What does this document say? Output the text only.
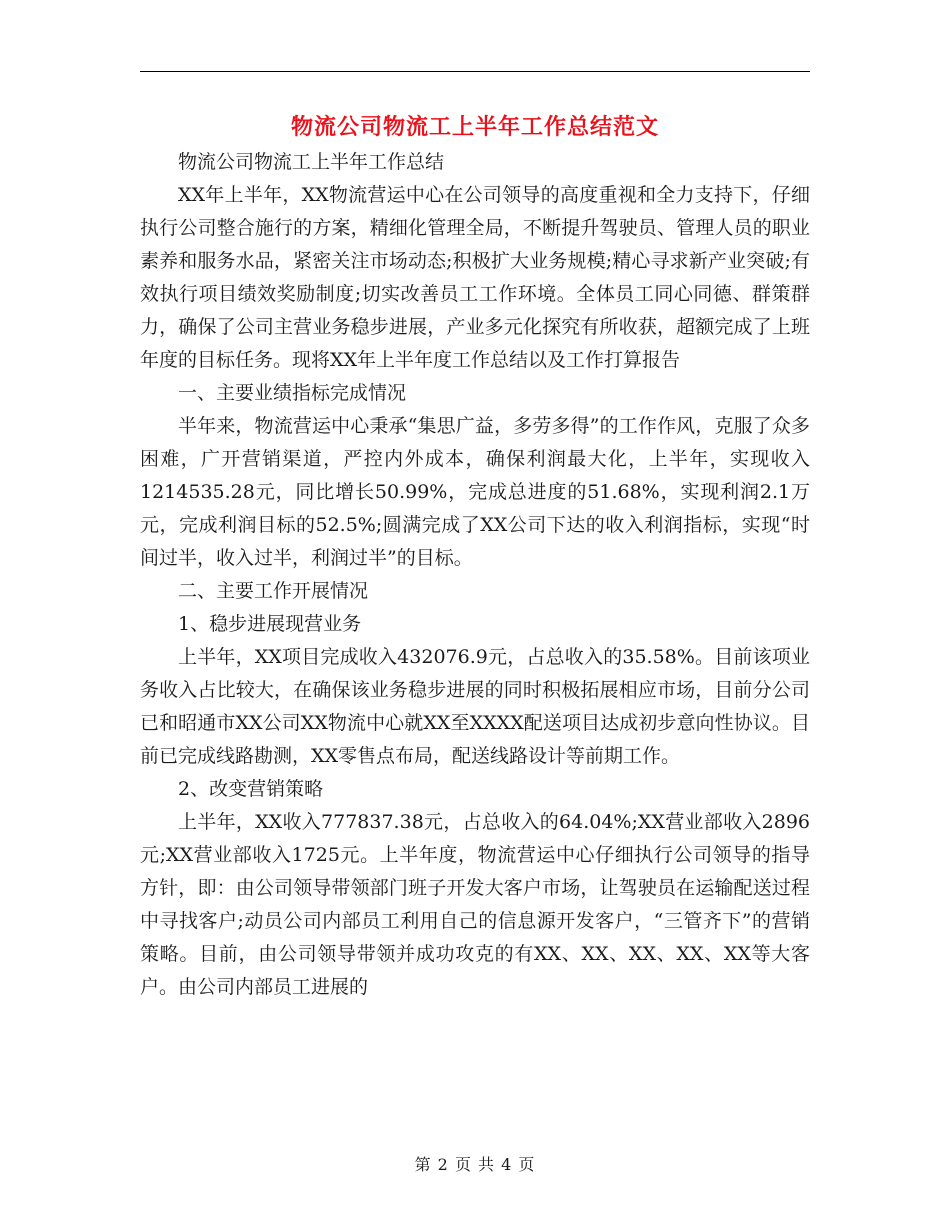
物流公司物流工上半年工作总结范文

物流公司物流工上半年工作总结

XX年上半年，XX物流营运中心在公司领导的高度重视和全力支持下，仔细执行公司整合施行的方案，精细化管理全局，不断提升驾驶员、管理人员的职业素养和服务水品，紧密关注市场动态;积极扩大业务规模;精心寻求新产业突破;有效执行项目绩效奖励制度;切实改善员工工作环境。全体员工同心同德、群策群力，确保了公司主营业务稳步进展，产业多元化探究有所收获，超额完成了上班年度的目标任务。现将XX年上半年度工作总结以及工作打算报告

一、主要业绩指标完成情况

半年来，物流营运中心秉承“集思广益，多劳多得”的工作作风，克服了众多困难，广开营销渠道，严控内外成本，确保利润最大化，上半年，实现收入1214535.28元，同比增长50.99%，完成总进度的51.68%，实现利润2.1万元，完成利润目标的52.5%;圆满完成了XX公司下达的收入利润指标，实现“时间过半，收入过半，利润过半”的目标。

二、主要工作开展情况

1、稳步进展现营业务

上半年，XX项目完成收入432076.9元，占总收入的35.58%。目前该项业务收入占比较大，在确保该业务稳步进展的同时积极拓展相应市场，目前分公司已和昭通市XX公司XX物流中心就XX至XXXX配送项目达成初步意向性协议。目前已完成线路勘测，XX零售点布局，配送线路设计等前期工作。

2、改变营销策略

上半年，XX收入777837.38元，占总收入的64.04%;XX营业部收入2896元;XX营业部收入1725元。上半年度，物流营运中心仔细执行公司领导的指导方针，即：由公司领导带领部门班子开发大客户市场，让驾驶员在运输配送过程中寻找客户;动员公司内部员工利用自己的信息源开发客户，“三管齐下”的营销策略。目前，由公司领导带领并成功攻克的有XX、XX、XX、XX、XX等大客户。由公司内部员工进展的

第 2 页 共 4 页
